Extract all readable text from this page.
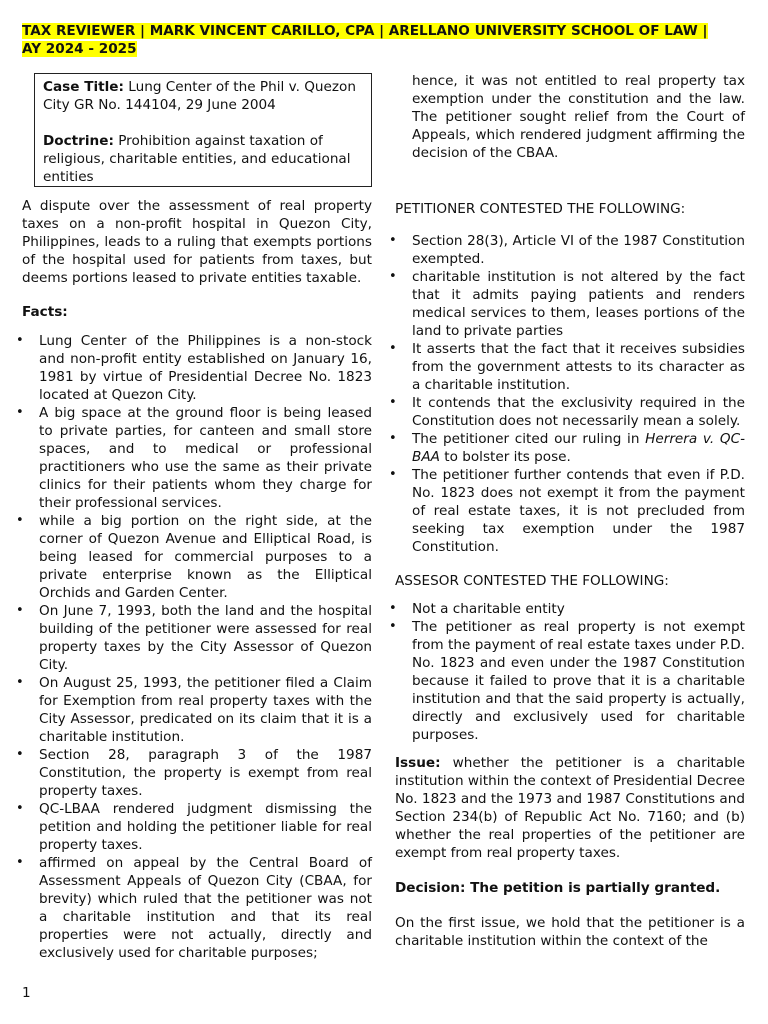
TAX REVIEWER | MARK VINCENT CARILLO, CPA | ARELLANO UNIVERSITY SCHOOL OF LAW |
AY 2024 - 2025
Case Title: Lung Center of the Phil v. Quezon City GR No. 144104, 29 June 2004
Doctrine: Prohibition against taxation of religious, charitable entities, and educational entities

A dispute over the assessment of real property taxes on a non-profit hospital in Quezon City, Philippines, leads to a ruling that exempts portions of the hospital used for patients from taxes, but deems portions leased to private entities taxable.

Facts:
• Lung Center of the Philippines is a non-stock and non-profit entity established on January 16, 1981 by virtue of Presidential Decree No. 1823 located at Quezon City.
• A big space at the ground floor is being leased to private parties, for canteen and small store spaces, and to medical or professional practitioners who use the same as their private clinics for their patients whom they charge for their professional services.
• while a big portion on the right side, at the corner of Quezon Avenue and Elliptical Road, is being leased for commercial purposes to a private enterprise known as the Elliptical Orchids and Garden Center.
• On June 7, 1993, both the land and the hospital building of the petitioner were assessed for real property taxes by the City Assessor of Quezon City.
• On August 25, 1993, the petitioner filed a Claim for Exemption from real property taxes with the City Assessor, predicated on its claim that it is a charitable institution.
• Section 28, paragraph 3 of the 1987 Constitution, the property is exempt from real property taxes.
• QC-LBAA rendered judgment dismissing the petition and holding the petitioner liable for real property taxes.
• affirmed on appeal by the Central Board of Assessment Appeals of Quezon City (CBAA, for brevity) which ruled that the petitioner was not a charitable institution and that its real properties were not actually, directly and exclusively used for charitable purposes;

hence, it was not entitled to real property tax exemption under the constitution and the law. The petitioner sought relief from the Court of Appeals, which rendered judgment affirming the decision of the CBAA.

PETITIONER CONTESTED THE FOLLOWING:
• Section 28(3), Article VI of the 1987 Constitution exempted.
• charitable institution is not altered by the fact that it admits paying patients and renders medical services to them, leases portions of the land to private parties
• It asserts that the fact that it receives subsidies from the government attests to its character as a charitable institution.
• It contends that the exclusivity required in the Constitution does not necessarily mean a solely.
• The petitioner cited our ruling in Herrera v. QC-BAA to bolster its pose.
• The petitioner further contends that even if P.D. No. 1823 does not exempt it from the payment of real estate taxes, it is not precluded from seeking tax exemption under the 1987 Constitution.
ASSESOR CONTESTED THE FOLLOWING:
• Not a charitable entity
• The petitioner as real property is not exempt from the payment of real estate taxes under P.D. No. 1823 and even under the 1987 Constitution because it failed to prove that it is a charitable institution and that the said property is actually, directly and exclusively used for charitable purposes.

Issue: whether the petitioner is a charitable institution within the context of Presidential Decree No. 1823 and the 1973 and 1987 Constitutions and Section 234(b) of Republic Act No. 7160; and (b) whether the real properties of the petitioner are exempt from real property taxes.

Decision: The petition is partially granted.

On the first issue, we hold that the petitioner is a charitable institution within the context of the

1
